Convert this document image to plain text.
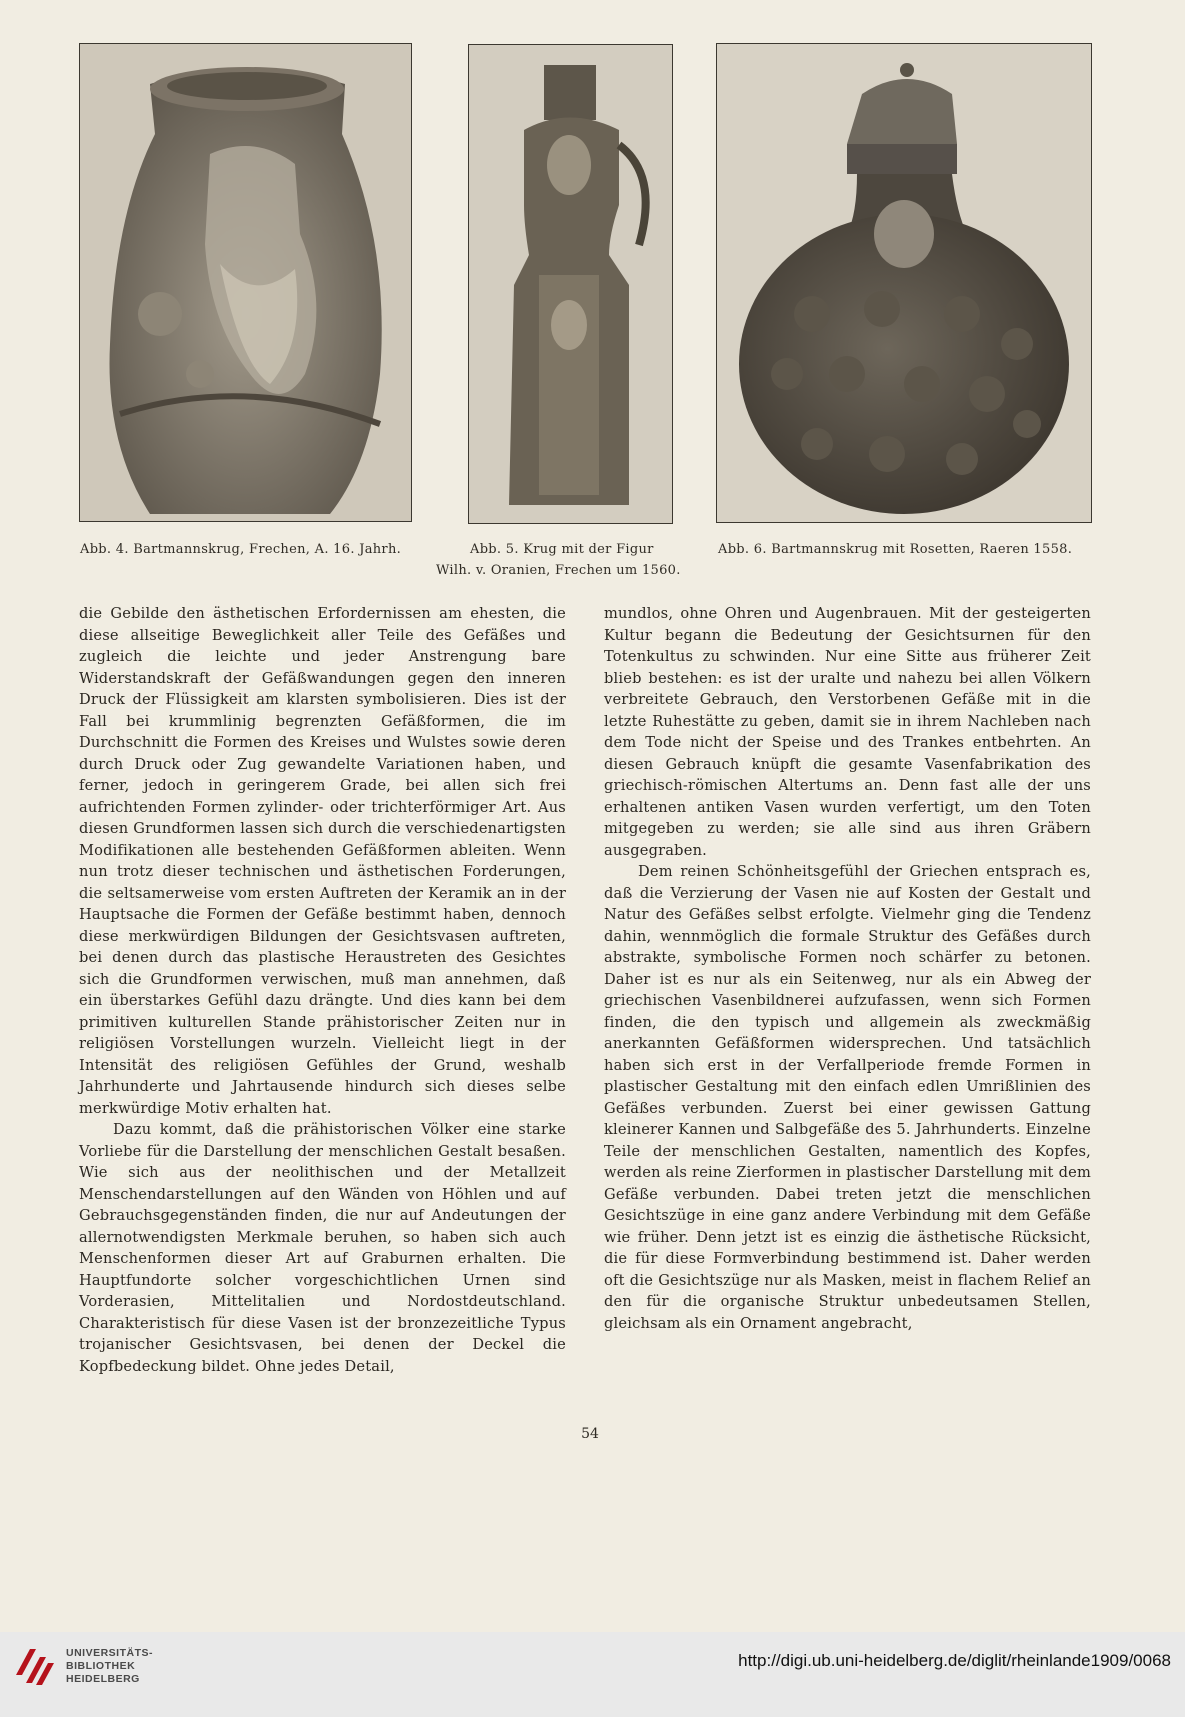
Abb. 4. Bartmannskrug, Frechen, A. 16. Jahrh.	Abb. 5. Krug mit der Figur
Wilh. v. Oranien, Frechen um 1560.
Abb. 6. Bartmannskrug mit Rosetten, Raeren 1558.

die Gebilde den ästhetischen Erfordernissen am ehesten, die diese allseitige Beweglichkeit aller Teile des Gefäßes und zugleich die leichte und jeder Anstrengung bare Widerstandskraft der Gefäßwandungen gegen den inneren Druck der Flüssigkeit am klarsten symbolisieren. Dies ist der Fall bei krummlinig begrenzten Gefäßformen, die im Durchschnitt die Formen des Kreises und Wulstes sowie deren durch Druck oder Zug gewandelte Variationen haben, und ferner, jedoch in geringerem Grade, bei allen sich frei aufrichtenden Formen zylinder- oder trichterförmiger Art. Aus diesen Grundformen lassen sich durch die verschiedenartigsten Modifikationen alle bestehenden Gefäßformen ableiten. Wenn nun trotz dieser technischen und ästhetischen Forderungen, die seltsamerweise vom ersten Auftreten der Keramik an in der Hauptsache die Formen der Gefäße bestimmt haben, dennoch diese merkwürdigen Bildungen der Gesichtsvasen auftreten, bei denen durch das plastische Heraustreten des Gesichtes sich die Grundformen verwischen, muß man annehmen, daß ein überstarkes Gefühl dazu drängte. Und dies kann bei dem primitiven kulturellen Stande prähistorischer Zeiten nur in religiösen Vorstellungen wurzeln. Vielleicht liegt in der Intensität des religiösen Gefühles der Grund, weshalb Jahrhunderte und Jahrtausende hindurch sich dieses selbe merkwürdige Motiv erhalten hat.

Dazu kommt, daß die prähistorischen Völker eine starke Vorliebe für die Darstellung der menschlichen Gestalt besaßen. Wie sich aus der neolithischen und der Metallzeit Menschendarstellungen auf den Wänden von Höhlen und auf Gebrauchsgegenständen finden, die nur auf Andeutungen der allernotwendigsten Merkmale beruhen, so haben sich auch Menschenformen dieser Art auf Graburnen erhalten. Die Hauptfundorte solcher vorgeschichtlichen Urnen sind Vorderasien, Mittelitalien und Nordostdeutschland. Charakteristisch für diese Vasen ist der bronzezeitliche Typus trojanischer Gesichtsvasen, bei denen der Deckel die Kopfbedeckung bildet. Ohne jedes Detail,

mundlos, ohne Ohren und Augenbrauen. Mit der gesteigerten Kultur begann die Bedeutung der Gesichtsurnen für den Totenkultus zu schwinden. Nur eine Sitte aus früherer Zeit blieb bestehen: es ist der uralte und nahezu bei allen Völkern verbreitete Gebrauch, den Verstorbenen Gefäße mit in die letzte Ruhestätte zu geben, damit sie in ihrem Nachleben nach dem Tode nicht der Speise und des Trankes entbehrten. An diesen Gebrauch knüpft die gesamte Vasenfabrikation des griechisch-römischen Altertums an. Denn fast alle der uns erhaltenen antiken Vasen wurden verfertigt, um den Toten mitgegeben zu werden; sie alle sind aus ihren Gräbern ausgegraben.

Dem reinen Schönheitsgefühl der Griechen entsprach es, daß die Verzierung der Vasen nie auf Kosten der Gestalt und Natur des Gefäßes selbst erfolgte. Vielmehr ging die Tendenz dahin, wennmöglich die formale Struktur des Gefäßes durch abstrakte, symbolische Formen noch schärfer zu betonen. Daher ist es nur als ein Seitenweg, nur als ein Abweg der griechischen Vasenbildnerei aufzufassen, wenn sich Formen finden, die den typisch und allgemein als zweckmäßig anerkannten Gefäßformen widersprechen. Und tatsächlich haben sich erst in der Verfallperiode fremde Formen in plastischer Gestaltung mit den einfach edlen Umrißlinien des Gefäßes verbunden. Zuerst bei einer gewissen Gattung kleinerer Kannen und Salbgefäße des 5. Jahrhunderts. Einzelne Teile der menschlichen Gestalten, namentlich des Kopfes, werden als reine Zierformen in plastischer Darstellung mit dem Gefäße verbunden. Dabei treten jetzt die menschlichen Gesichtszüge in eine ganz andere Verbindung mit dem Gefäße wie früher. Denn jetzt ist es einzig die ästhetische Rücksicht, die für diese Formverbindung bestimmend ist. Daher werden oft die Gesichtszüge nur als Masken, meist in flachem Relief an den für die organische Struktur unbedeutsamen Stellen, gleichsam als ein Ornament angebracht,

54
UNIVERSITÄTS-
BIBLIOTHEK
HEIDELBERG
http://digi.ub.uni-heidelberg.de/diglit/rheinlande1909/0068
